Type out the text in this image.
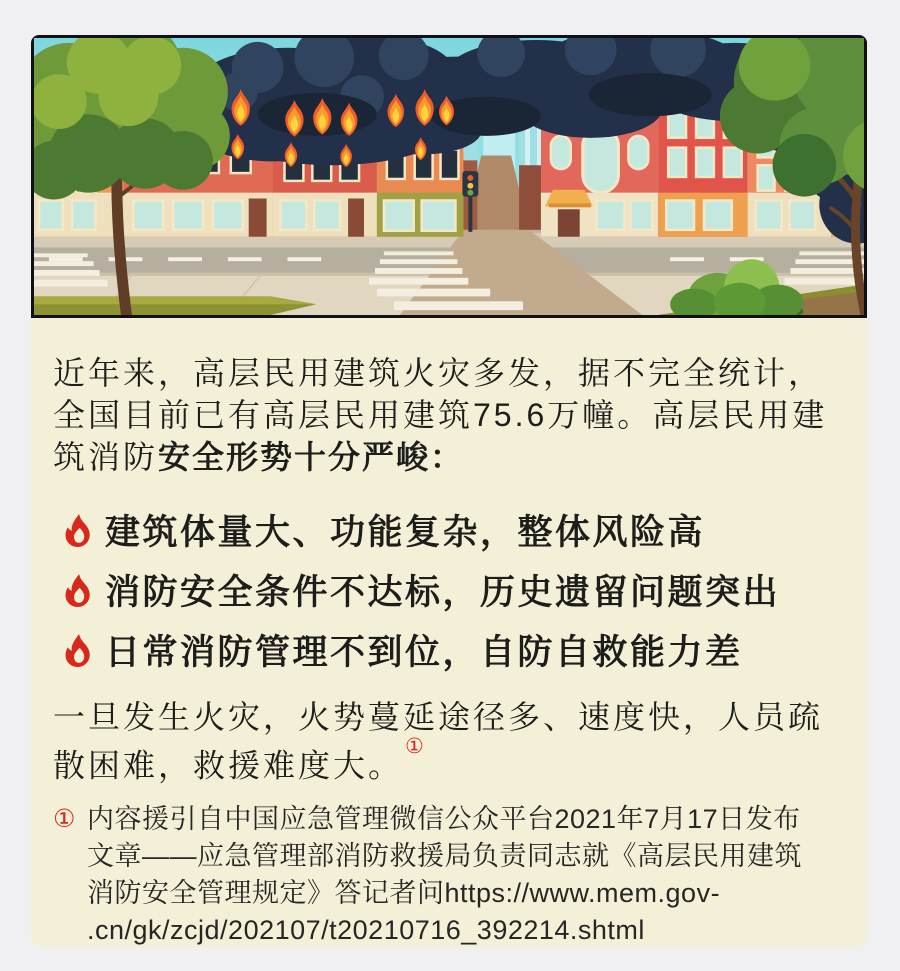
近年来，高层民用建筑火灾多发，据不完全统计，全国目前已有高层民用建筑75.6万幢。高层民用建筑消防安全形势十分严峻：

建筑体量大、功能复杂，整体风险高
消防安全条件不达标，历史遗留问题突出
日常消防管理不到位，自防自救能力差

一旦发生火灾，火势蔓延途径多、速度快，人员疏散困难，救援难度大。①

① 内容援引自中国应急管理微信公众平台2021年7月17日发布
文章——应急管理部消防救援局负责同志就《高层民用建筑
消防安全管理规定》答记者问https://www.mem.gov-
.cn/gk/zcjd/202107/t20210716_392214.shtml
